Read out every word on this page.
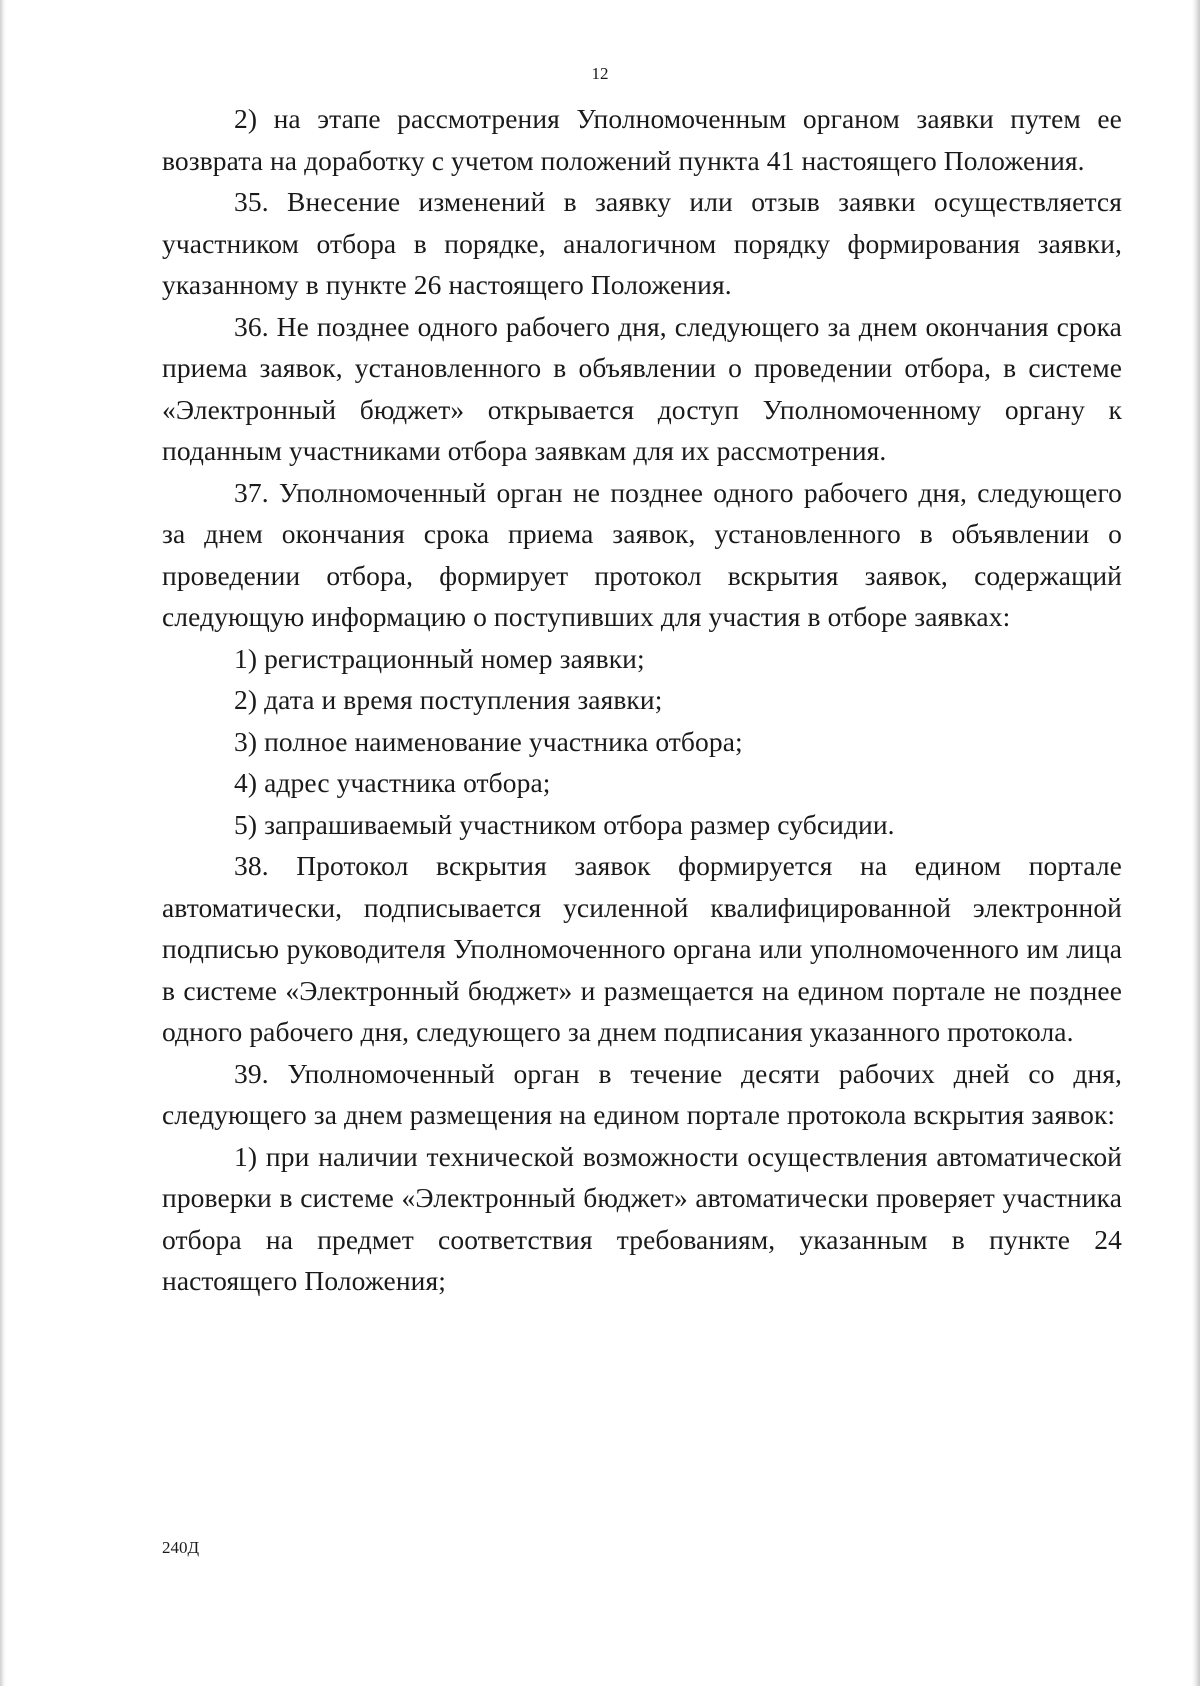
12

2) на этапе рассмотрения Уполномоченным органом заявки путем ее возврата на доработку с учетом положений пункта 41 настоящего Положения.

35. Внесение изменений в заявку или отзыв заявки осуществляется участником отбора в порядке, аналогичном порядку формирования заявки, указанному в пункте 26 настоящего Положения.

36. Не позднее одного рабочего дня, следующего за днем окончания срока приема заявок, установленного в объявлении о проведении отбора, в системе «Электронный бюджет» открывается доступ Уполномоченному органу к поданным участниками отбора заявкам для их рассмотрения.

37. Уполномоченный орган не позднее одного рабочего дня, следующего за днем окончания срока приема заявок, установленного в объявлении о проведении отбора, формирует протокол вскрытия заявок, содержащий следующую информацию о поступивших для участия в отборе заявках:

1) регистрационный номер заявки;

2) дата и время поступления заявки;

3) полное наименование участника отбора;

4) адрес участника отбора;

5) запрашиваемый участником отбора размер субсидии.

38. Протокол вскрытия заявок формируется на едином портале автоматически, подписывается усиленной квалифицированной электронной подписью руководителя Уполномоченного органа или уполномоченного им лица в системе «Электронный бюджет» и размещается на едином портале не позднее одного рабочего дня, следующего за днем подписания указанного протокола.

39. Уполномоченный орган в течение десяти рабочих дней со дня, следующего за днем размещения на едином портале протокола вскрытия заявок:

1) при наличии технической возможности осуществления автоматической проверки в системе «Электронный бюджет» автоматически проверяет участника отбора на предмет соответствия требованиям, указанным в пункте 24 настоящего Положения;

240Д
